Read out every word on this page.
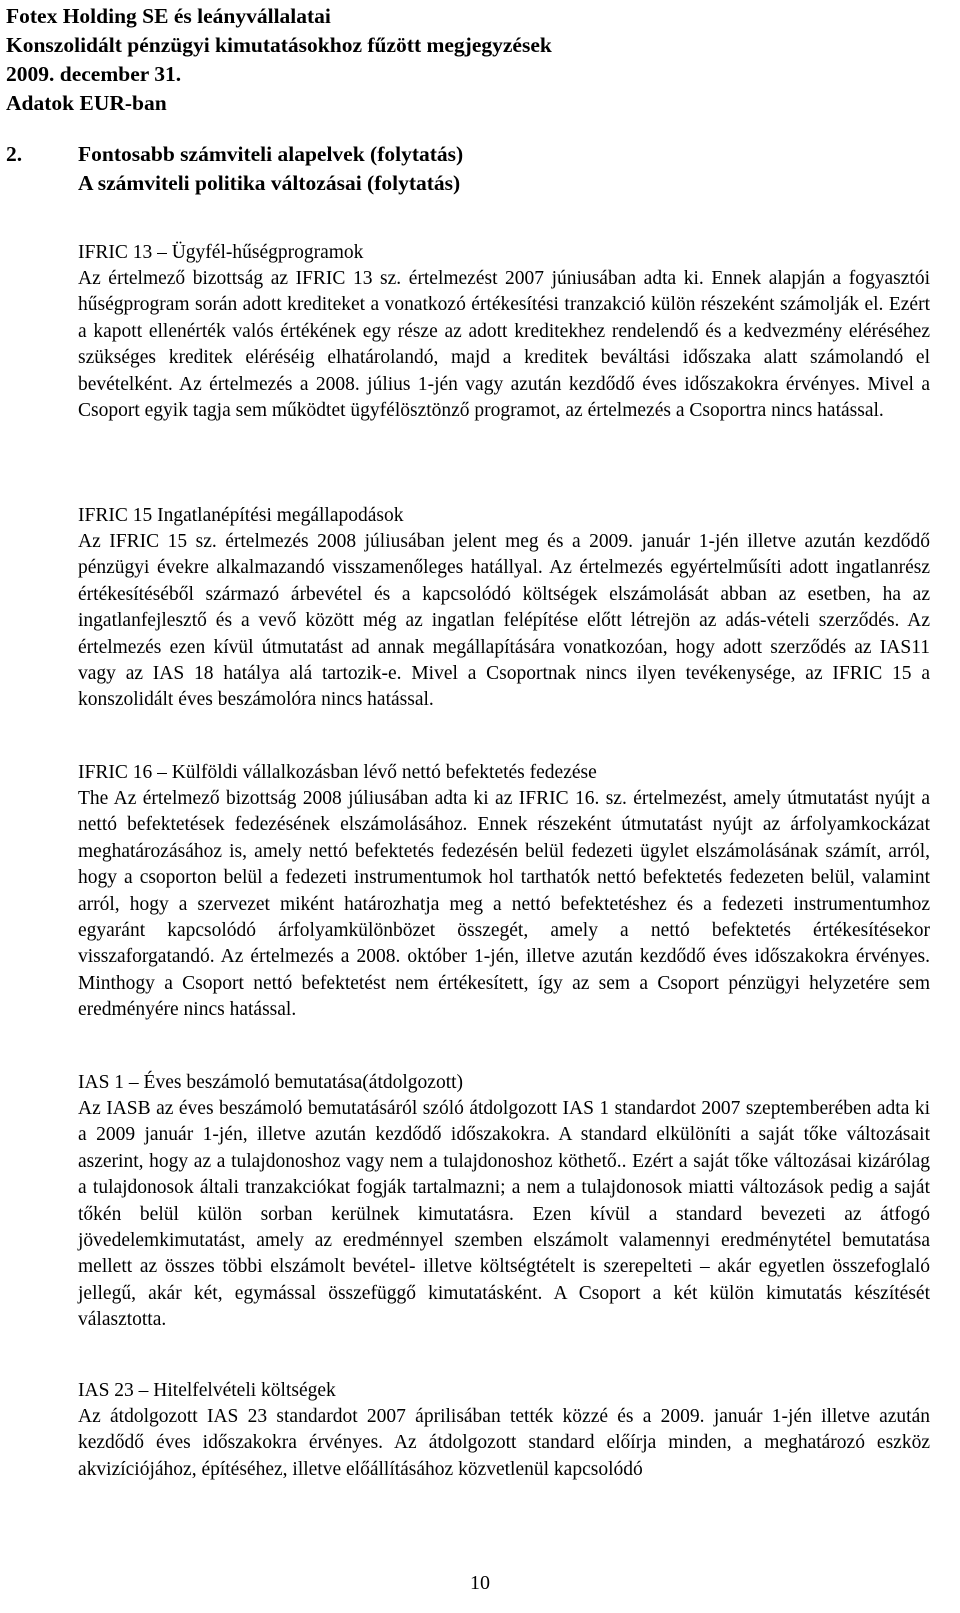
Fotex Holding SE és leányvállalatai
Konszolidált pénzügyi kimutatásokhoz fűzött megjegyzések
2009. december 31.
Adatok EUR-ban
2.	Fontosabb számviteli alapelvek (folytatás)
A számviteli politika változásai (folytatás)
IFRIC 13 – Ügyfél-hűségprogramok

Az értelmező bizottság az IFRIC 13 sz. értelmezést 2007 júniusában adta ki. Ennek alapján a fogyasztói hűségprogram során adott krediteket a vonatkozó értékesítési tranzakció külön részeként számolják el. Ezért a kapott ellenérték valós értékének egy része az adott kreditekhez rendelendő és a kedvezmény eléréséhez szükséges kreditek eléréséig elhatárolandó, majd a kreditek beváltási időszaka alatt számolandó el bevételként. Az értelmezés a 2008. július 1-jén vagy azután kezdődő éves időszakokra érvényes. Mivel a Csoport egyik tagja sem működtet ügyfélösztönző programot, az értelmezés a Csoportra nincs hatással.

IFRIC 15 Ingatlanépítési megállapodások

Az IFRIC 15 sz. értelmezés 2008 júliusában jelent meg és a 2009. január 1-jén illetve azután kezdődő pénzügyi évekre alkalmazandó visszamenőleges hatállyal. Az értelmezés egyértelműsíti adott ingatlanrész értékesítéséből származó árbevétel és a kapcsolódó költségek elszámolását abban az esetben, ha az ingatlanfejlesztő és a vevő között még az ingatlan felépítése előtt létrejön az adás-vételi szerződés. Az értelmezés ezen kívül útmutatást ad annak megállapítására vonatkozóan, hogy adott szerződés az IAS11 vagy az IAS 18 hatálya alá tartozik-e. Mivel a Csoportnak nincs ilyen tevékenysége, az IFRIC 15 a konszolidált éves beszámolóra nincs hatással.

IFRIC 16 – Külföldi vállalkozásban lévő nettó befektetés fedezése

The Az értelmező bizottság 2008 júliusában adta ki az IFRIC 16. sz. értelmezést, amely útmutatást nyújt a nettó befektetések fedezésének elszámolásához. Ennek részeként útmutatást nyújt az árfolyamkockázat meghatározásához is, amely nettó befektetés fedezésén belül fedezeti ügylet elszámolásának számít, arról, hogy a csoporton belül a fedezeti instrumentumok hol tarthatók nettó befektetés fedezeten belül, valamint arról, hogy a szervezet miként határozhatja meg a nettó befektetéshez és a fedezeti instrumentumhoz egyaránt kapcsolódó árfolyamkülönbözet összegét, amely a nettó befektetés értékesítésekor visszaforgatandó. Az értelmezés a 2008. október 1-jén, illetve azután kezdődő éves időszakokra érvényes. Minthogy a Csoport nettó befektetést nem értékesített, így az sem a Csoport pénzügyi helyzetére sem eredményére nincs hatással.

IAS 1 – Éves beszámoló bemutatása(átdolgozott)

Az IASB az éves beszámoló bemutatásáról szóló átdolgozott IAS 1 standardot 2007 szeptemberében adta ki a 2009 január 1-jén, illetve azután kezdődő időszakokra. A standard elkülöníti a saját tőke változásait aszerint, hogy az a tulajdonoshoz vagy nem a tulajdonoshoz köthető.. Ezért a saját tőke változásai kizárólag a tulajdonosok általi tranzakciókat fogják tartalmazni; a nem a tulajdonosok miatti változások pedig a saját tőkén belül külön sorban kerülnek kimutatásra. Ezen kívül a standard bevezeti az átfogó jövedelemkimutatást, amely az eredménnyel szemben elszámolt valamennyi eredménytétel bemutatása mellett az összes többi elszámolt bevétel- illetve költségtételt is szerepelteti – akár egyetlen összefoglaló jellegű, akár két, egymással összefüggő kimutatásként. A Csoport a két külön kimutatás készítését választotta.

IAS 23 – Hitelfelvételi költségek

Az átdolgozott IAS 23 standardot 2007 áprilisában tették közzé és a 2009. január 1-jén illetve azután kezdődő éves időszakokra érvényes. Az átdolgozott standard előírja minden, a meghatározó eszköz akvizíciójához, építéséhez, illetve előállításához közvetlenül kapcsolódó

10
